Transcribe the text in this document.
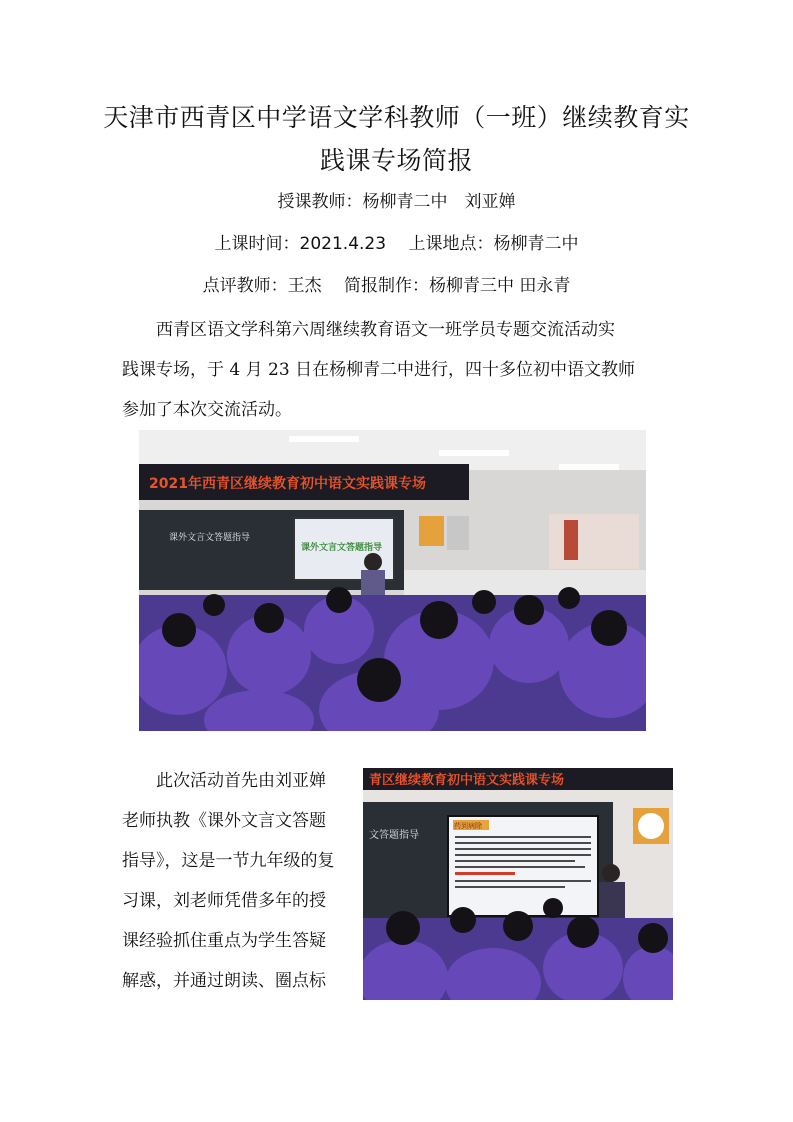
天津市西青区中学语文学科教师（一班）继续教育实
践课专场简报
授课教师：杨柳青二中　刘亚婵
上课时间：2021.4.23　 上课地点：杨柳青二中
点评教师：王杰　 简报制作：杨柳青三中 田永青
西青区语文学科第六周继续教育语文一班学员专题交流活动实
践课专场，于 4 月 23 日在杨柳青二中进行，四十多位初中语文教师
参加了本次交流活动。
2021年西青区继续教育初中语文实践课专场
课外文言文答题指导
课外文言文答题指导
此次活动首先由刘亚婵
老师执教《课外文言文答题
指导》，这是一节九年级的复
习课，刘老师凭借多年的授
课经验抓住重点为学生答疑
解惑，并通过朗读、圈点标
青区继续教育初中语文实践课专场
文答题指导
药到病除
